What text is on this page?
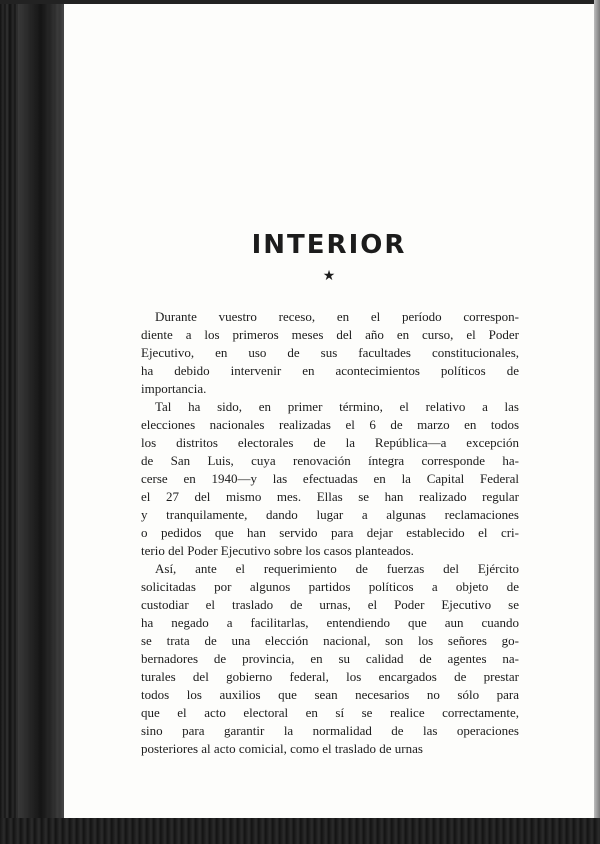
INTERIOR
★
Durante vuestro receso, en el período correspon-
diente a los primeros meses del año en curso, el Poder
Ejecutivo, en uso de sus facultades constitucionales,
ha debido intervenir en acontecimientos políticos de
importancia.
Tal ha sido, en primer término, el relativo a las
elecciones nacionales realizadas el 6 de marzo en todos
los distritos electorales de la República—a excepción
de San Luis, cuya renovación íntegra corresponde ha-
cerse en 1940—y las efectuadas en la Capital Federal
el 27 del mismo mes. Ellas se han realizado regular
y tranquilamente, dando lugar a algunas reclamaciones
o pedidos que han servido para dejar establecido el cri-
terio del Poder Ejecutivo sobre los casos planteados.
Así, ante el requerimiento de fuerzas del Ejército
solicitadas por algunos partidos políticos a objeto de
custodiar el traslado de urnas, el Poder Ejecutivo se
ha negado a facilitarlas, entendiendo que aun cuando
se trata de una elección nacional, son los señores go-
bernadores de provincia, en su calidad de agentes na-
turales del gobierno federal, los encargados de prestar
todos los auxilios que sean necesarios no sólo para
que el acto electoral en sí se realice correctamente,
sino para garantir la normalidad de las operaciones
posteriores al acto comicial, como el traslado de urnas
